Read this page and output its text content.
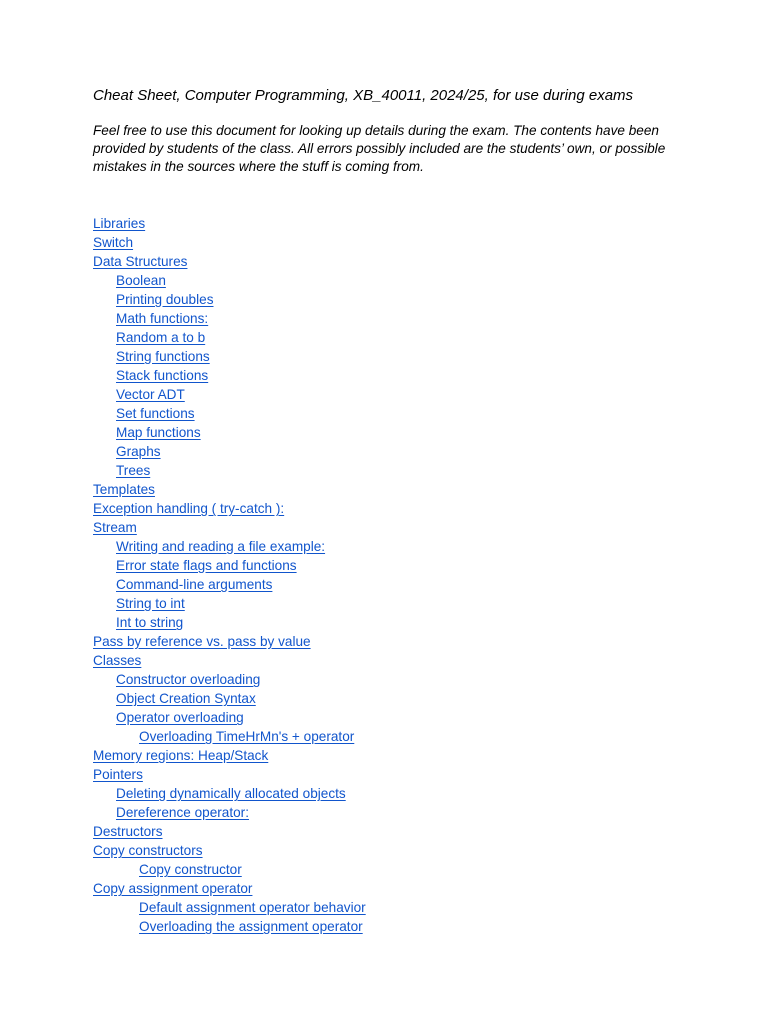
Cheat Sheet, Computer Programming, XB_40011, 2024/25, for use during exams

Feel free to use this document for looking up details during the exam. The contents have been provided by students of the class. All errors possibly included are the students’ own, or possible mistakes in the sources where the stuff is coming from.

Libraries
Switch
Data Structures
Boolean
Printing doubles
Math functions:
Random a to b
String functions
Stack functions
Vector ADT
Set functions
Map functions
Graphs
Trees
Templates
Exception handling ( try-catch ):
Stream
Writing and reading a file example:
Error state flags and functions
Command-line arguments
String to int
Int to string
Pass by reference vs. pass by value
Classes
Constructor overloading
Object Creation Syntax
Operator overloading
Overloading TimeHrMn's + operator
Memory regions: Heap/Stack
Pointers
Deleting dynamically allocated objects
Dereference operator:
Destructors
Copy constructors
Copy constructor
Copy assignment operator
Default assignment operator behavior
Overloading the assignment operator
